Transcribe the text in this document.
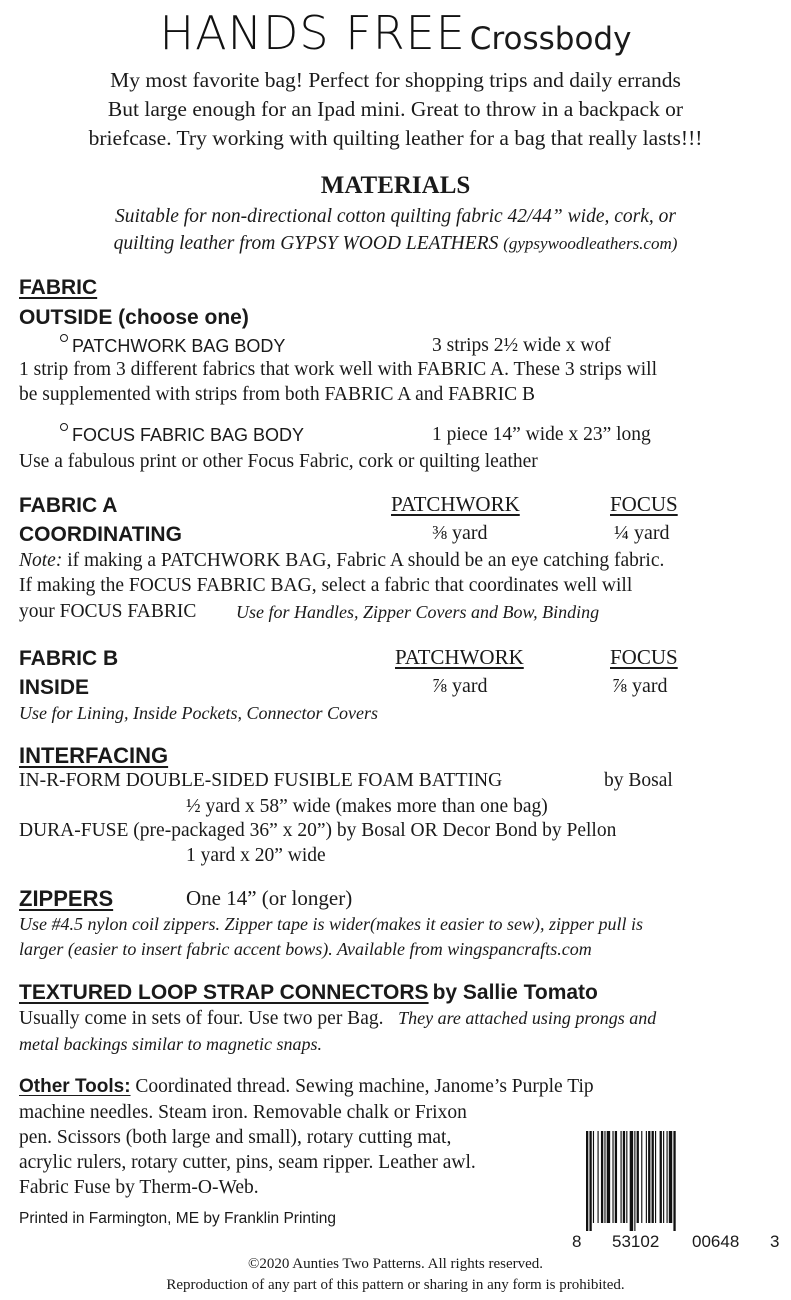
HANDS FREE Crossbody
My most favorite bag! Perfect for shopping trips and daily errands
But large enough for an Ipad mini. Great to throw in a backpack or
briefcase. Try working with quilting leather for a bag that really lasts!!!
MATERIALS
Suitable for non-directional cotton quilting fabric 42/44” wide, cork, or
quilting leather from GYPSY WOOD LEATHERS (gypsywoodleathers.com)
FABRIC
OUTSIDE (choose one)
PATCHWORK BAG BODY	3 strips 2½ wide x wof
1 strip from 3 different fabrics that work well with FABRIC A. These 3 strips will
be supplemented with strips from both FABRIC A and FABRIC B
FOCUS FABRIC BAG BODY	1 piece 14” wide x 23” long
Use a fabulous print or other Focus Fabric, cork or quilting leather
FABRIC A	PATCHWORK	FOCUS
COORDINATING	⅜ yard	¼ yard
Note: if making a PATCHWORK BAG, Fabric A should be an eye catching fabric.
If making the FOCUS FABRIC BAG, select a fabric that coordinates well will
your FOCUS FABRIC Use for Handles, Zipper Covers and Bow, Binding
FABRIC B	PATCHWORK	FOCUS
INSIDE	⅞ yard	⅞ yard
Use for Lining, Inside Pockets, Connector Covers
INTERFACING
IN-R-FORM DOUBLE-SIDED FUSIBLE FOAM BATTING	by Bosal
½ yard x 58” wide (makes more than one bag)
DURA-FUSE (pre-packaged 36” x 20”) by Bosal OR Decor Bond by Pellon
1 yard x 20” wide
ZIPPERS	One 14” (or longer)
Use #4.5 nylon coil zippers. Zipper tape is wider(makes it easier to sew), zipper pull is
larger (easier to insert fabric accent bows). Available from wingspancrafts.com
TEXTURED LOOP STRAP CONNECTORS by Sallie Tomato
Usually come in sets of four. Use two per Bag. They are attached using prongs and
metal backings similar to magnetic snaps.
Other Tools: Coordinated thread. Sewing machine, Janome’s Purple Tip
machine needles. Steam iron. Removable chalk or Frixon
pen. Scissors (both large and small), rotary cutting mat,
acrylic rulers, rotary cutter, pins, seam ripper. Leather awl.
Fabric Fuse by Therm-O-Web.
Printed in Farmington, ME by Franklin Printing
8 53102 00648 3
©2020 Aunties Two Patterns. All rights reserved.
Reproduction of any part of this pattern or sharing in any form is prohibited.
